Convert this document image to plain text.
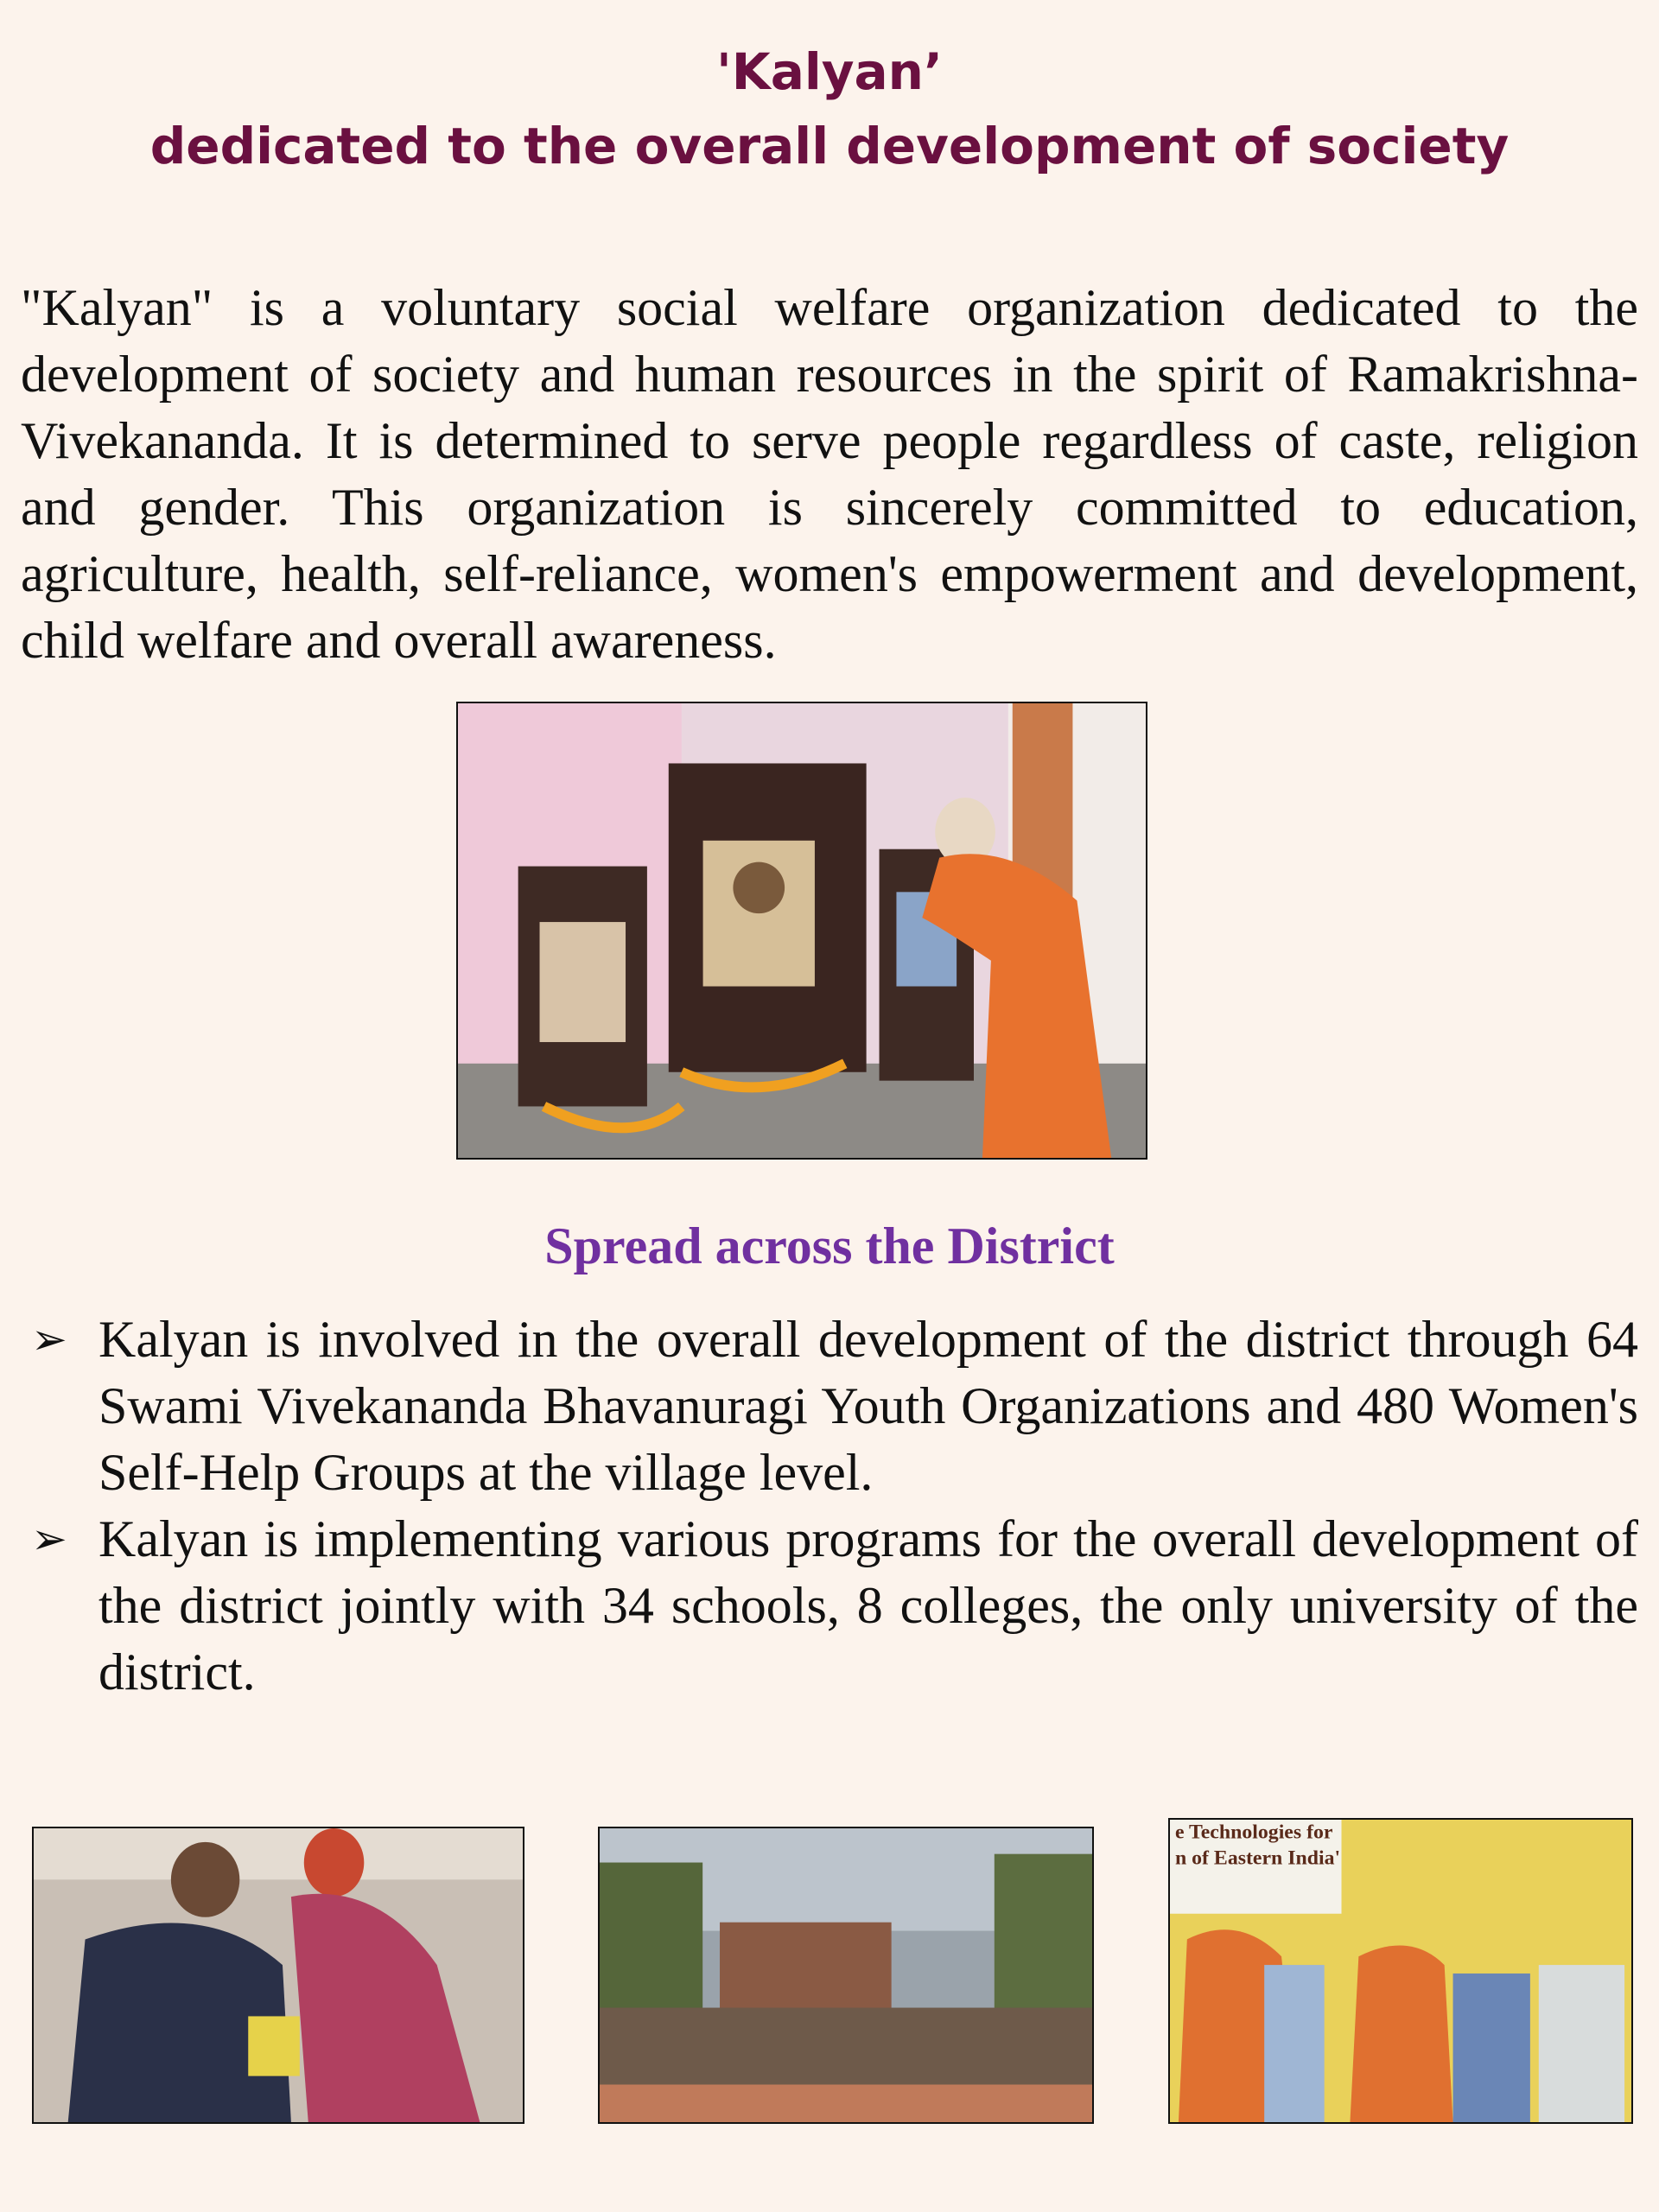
'Kalyan’
dedicated to the overall development of society

"Kalyan" is a voluntary social welfare organization dedicated to the development of society and human resources in the spirit of Ramakrishna-Vivekananda. It is determined to serve people regardless of caste, religion and gender. This organization is sincerely committed to education, agriculture, health, self-reliance, women's empowerment and development, child welfare and overall awareness.

Spread across the District
➢ Kalyan is involved in the overall development of the district through 64 Swami Vivekananda Bhavanuragi Youth Organizations and 480 Women's Self-Help Groups at the village level.
➢ Kalyan is implementing various programs for the overall development of the district jointly with 34 schools, 8 colleges, the only university of the district.
e Technologies for
n of Eastern India'
